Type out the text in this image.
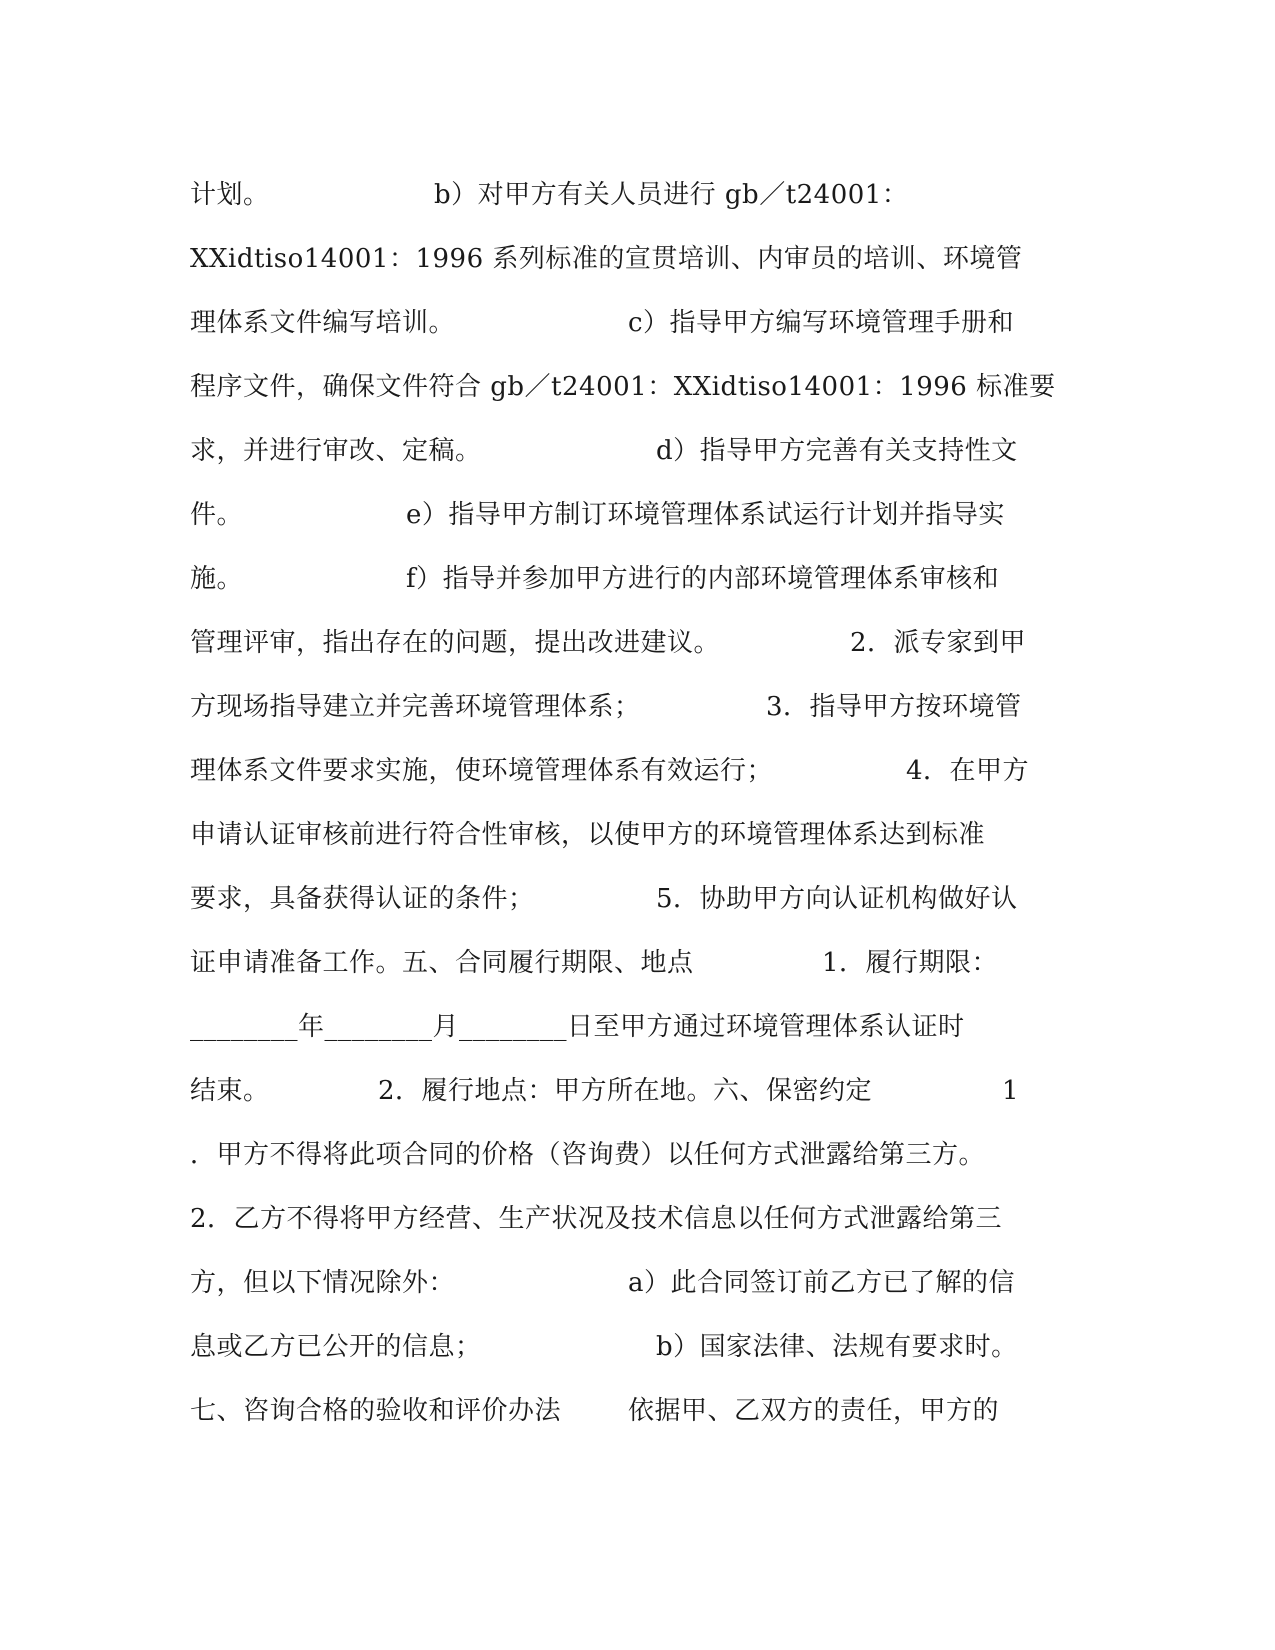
计划。

	b）对甲方有关人员进行 gb／t24001：

XXidtiso14001：1996 系列标准的宣贯培训、内审员的培训、环境管

理体系文件编写培训。

	c）指导甲方编写环境管理手册和

程序文件，确保文件符合 gb／t24001：XXidtiso14001：1996 标准要

求，并进行审改、定稿。

	d）指导甲方完善有关支持性文

件。

	e）指导甲方制订环境管理体系试运行计划并指导实

施。

	f）指导并参加甲方进行的内部环境管理体系审核和

管理评审，指出存在的问题，提出改进建议。

	2．派专家到甲

方现场指导建立并完善环境管理体系；

	3．指导甲方按环境管

理体系文件要求实施，使环境管理体系有效运行；

	4．在甲方

申请认证审核前进行符合性审核，以使甲方的环境管理体系达到标准

要求，具备获得认证的条件；

	5．协助甲方向认证机构做好认

证申请准备工作。五、合同履行期限、地点

	1．履行期限：

________年________月________日至甲方通过环境管理体系认证时

结束。

	2．履行地点：甲方所在地。六、保密约定

	1

．甲方不得将此项合同的价格（咨询费）以任何方式泄露给第三方。

2．乙方不得将甲方经营、生产状况及技术信息以任何方式泄露给第三

方，但以下情况除外：

	a）此合同签订前乙方已了解的信

息或乙方已公开的信息；

	b）国家法律、法规有要求时。

七、咨询合格的验收和评价办法

	依据甲、乙双方的责任，甲方的
